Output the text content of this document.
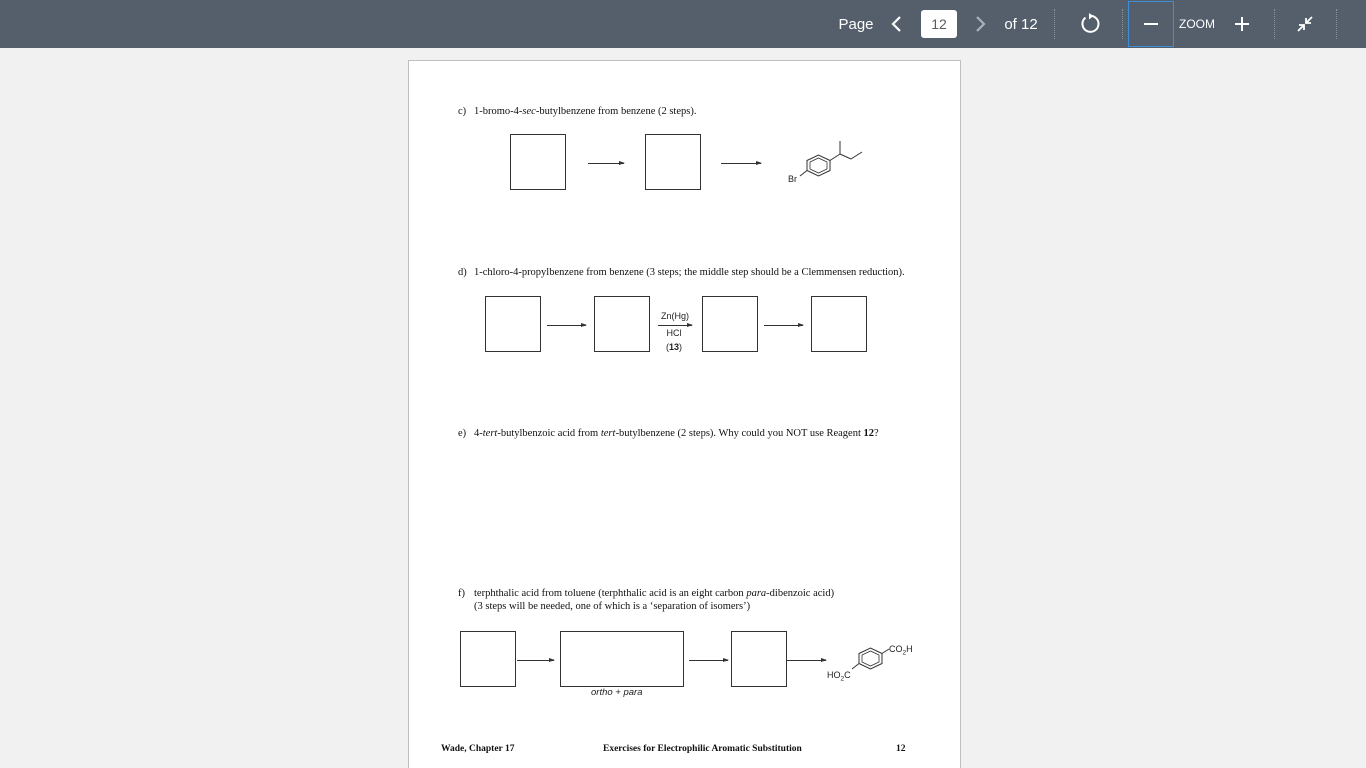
Page
12	of 12	ZOOM
c) 1-bromo-4-sec-butylbenzene from benzene (2 steps).
Br
d) 1-chloro-4-propylbenzene from benzene (3 steps; the middle step should be a Clemmensen reduction).
Zn(Hg)
HCl
(13)
e) 4-tert-butylbenzoic acid from tert-butylbenzene (2 steps). Why could you NOT use Reagent 12?
f) terphthalic acid from toluene (terphthalic acid is an eight carbon para-dibenzoic acid)
(3 steps will be needed, one of which is a ‘separation of isomers’)
ortho + para
$CO_2H$
$HO_2C$
Wade, Chapter 17	Exercises for Electrophilic Aromatic Substitution	12
